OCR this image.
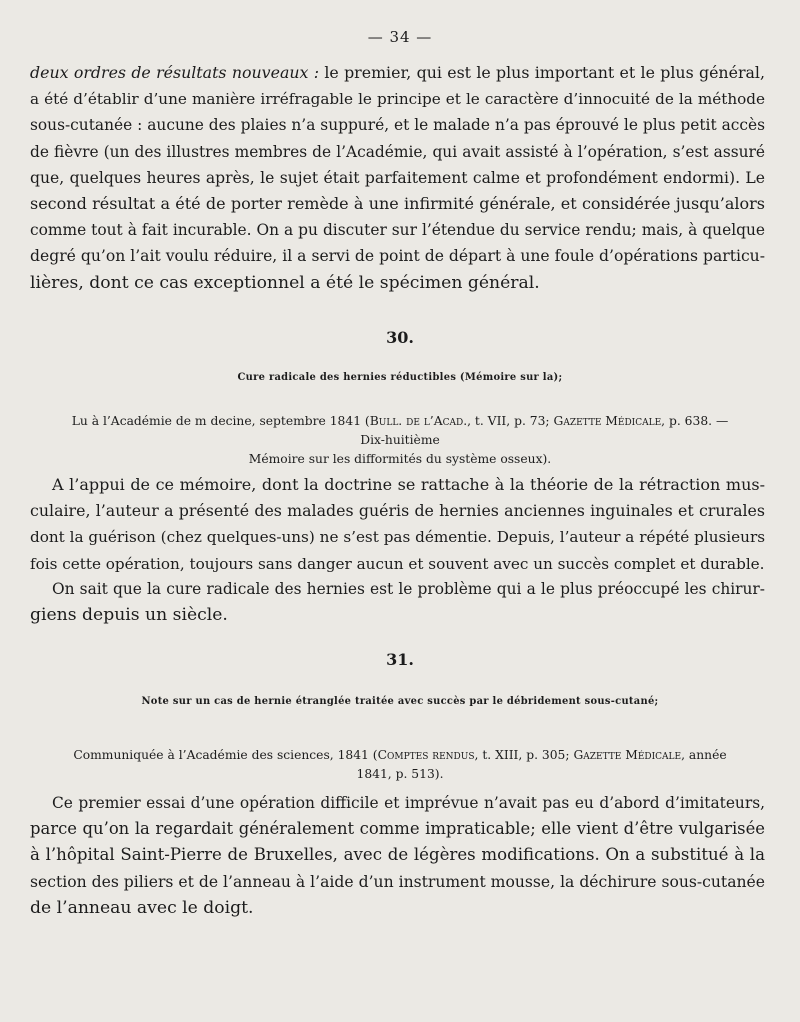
— 34 —
deux ordres de résultats nouveaux : le premier, qui est le plus important et le plus général,
a été d’établir d’une manière irréfragable le principe et le caractère d’innocuité de la méthode
sous-cutanée : aucune des plaies n’a suppuré, et le malade n’a pas éprouvé le plus petit accès
de fièvre (un des illustres membres de l’Académie, qui avait assisté à l’opération, s’est assuré
que, quelques heures après, le sujet était parfaitement calme et profondément endormi). Le
second résultat a été de porter remède à une infirmité générale, et considérée jusqu’alors
comme tout à fait incurable. On a pu discuter sur l’étendue du service rendu; mais, à quelque
degré qu’on l’ait voulu réduire, il a servi de point de départ à une foule d’opérations particu-
lières, dont ce cas exceptionnel a été le spécimen général.
30.
Cure radicale des hernies réductibles (Mémoire sur la);
Lu à l’Académie de m decine, septembre 1841 (Bull. de l’Acad., t. VII, p. 73; Gazette Médicale, p. 638. — Dix-huitième
Mémoire sur les difformités du système osseux).
A l’appui de ce mémoire, dont la doctrine se rattache à la théorie de la rétraction mus-
culaire, l’auteur a présenté des malades guéris de hernies anciennes inguinales et crurales
dont la guérison (chez quelques-uns) ne s’est pas démentie. Depuis, l’auteur a répété plusieurs
fois cette opération, toujours sans danger aucun et souvent avec un succès complet et durable.
On sait que la cure radicale des hernies est le problème qui a le plus préoccupé les chirur-
giens depuis un siècle.
31.
Note sur un cas de hernie étranglée traitée avec succès par le débridement sous-cutané;
Communiquée à l’Académie des sciences, 1841 (Comptes rendus, t. XIII, p. 305; Gazette Médicale, année 1841, p. 513).
Ce premier essai d’une opération difficile et imprévue n’avait pas eu d’abord d’imitateurs,
parce qu’on la regardait généralement comme impraticable; elle vient d’être vulgarisée
à l’hôpital Saint-Pierre de Bruxelles, avec de légères modifications. On a substitué à la
section des piliers et de l’anneau à l’aide d’un instrument mousse, la déchirure sous-cutanée
de l’anneau avec le doigt.
